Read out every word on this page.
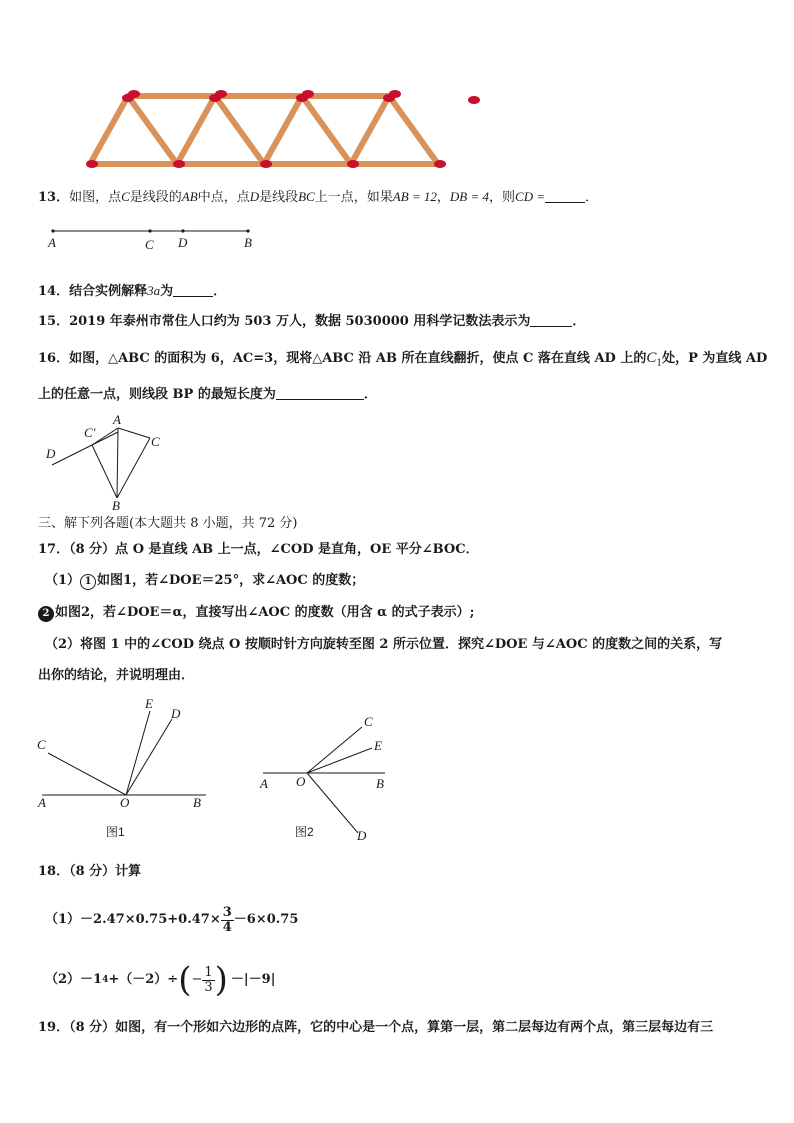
13．如图，点C是线段的AB中点，点D是线段BC上一点，如果AB = 12，DB = 4，则CD =	．
A	C D	B
14．结合实例解释3a为	．
15．2019 年泰州市常住人口约为 503 万人，数据 5030000 用科学记数法表示为	．
16．如图，△ABC 的面积为 6，AC=3，现将△ABC 沿 AB 所在直线翻折，使点 C 落在直线 AD 上的$C_1$处，P 为直线 AD
上的任意一点，则线段 BP 的最短长度为	．
D
C′
A
C
B
三、解下列各题(本大题共 8 小题，共 72 分)
17．（8 分）点 O 是直线 AB 上一点，∠COD 是直角，OE 平分∠BOC．
（1） 1 如图1，若∠DOE＝25°，求∠AOC 的度数；
2 如图2，若∠DOE＝α，直接写出∠AOC 的度数（用含 α 的式子表示）;
（2）将图 1 中的∠COD 绕点 O 按顺时针方向旋转至图 2 所示位置．探究∠DOE 与∠AOC 的度数之间的关系，写
出你的结论，并说明理由．
E
D
C
A	O	B
图1
C
E
A O	B
D
图2
18．（8 分）计算
$(1) -2.47\times 0.75+0.47\times \frac{3}{4} -6\times 0.75$
（2） －1 4 +（－2）÷ ( − $\frac{1}{3}$ ) －|－9|
19．（8 分）如图，有一个形如六边形的点阵，它的中心是一个点，算第一层，第二层每边有两个点，第三层每边有三
